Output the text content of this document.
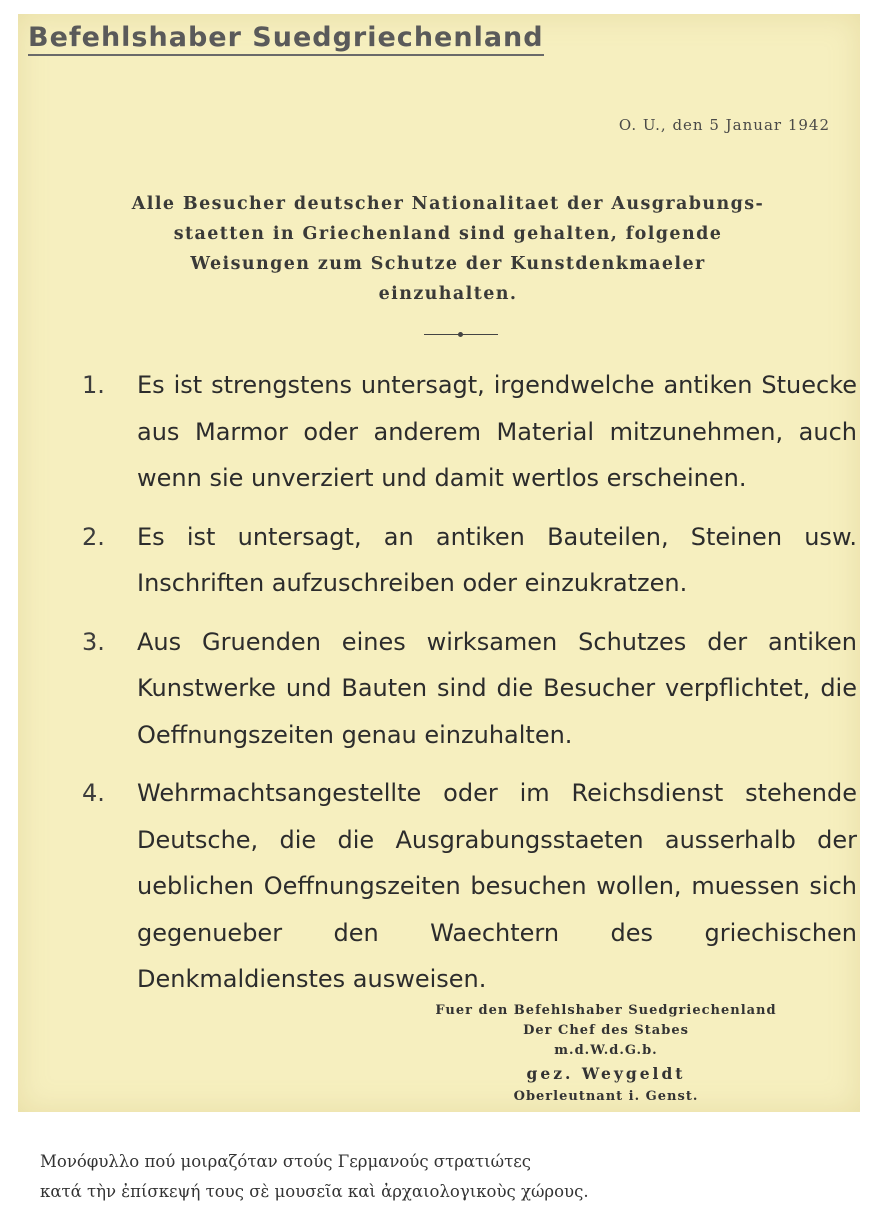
Befehlshaber Suedgriechenland
O. U., den 5 Januar 1942
Alle Besucher deutscher Nationalitaet der Ausgrabungs-
staetten in Griechenland sind gehalten, folgende
Weisungen zum Schutze der Kunstdenkmaeler
einzuhalten.
1.	Es ist strengstens untersagt, irgendwelche antiken Stuecke aus Marmor oder anderem Material mitzunehmen, auch wenn sie unverziert und damit wertlos erscheinen.
2.	Es ist untersagt, an antiken Bauteilen, Steinen usw. Inschriften aufzuschreiben oder einzukratzen.
3.	Aus Gruenden eines wirksamen Schutzes der antiken Kunstwerke und Bauten sind die Besucher verpflichtet, die Oeffnungszeiten genau einzuhalten.
4.	Wehrmachtsangestellte oder im Reichsdienst stehende Deutsche, die die Ausgrabungsstaeten ausserhalb der ueblichen Oeffnungszeiten besuchen wollen, muessen sich gegenueber den Waechtern des griechischen Denkmaldienstes ausweisen.
Fuer den Befehlshaber Suedgriechenland
Der Chef des Stabes
m.d.W.d.G.b.
gez. Weygeldt
Oberleutnant i. Genst.
Μονόφυλλο πού μοιραζόταν στούς Γερμανούς στρατιώτες
κατά τὴν ἐπίσκεψή τους σὲ μουσεῖα καὶ ἀρχαιολογικοὺς χώρους.
